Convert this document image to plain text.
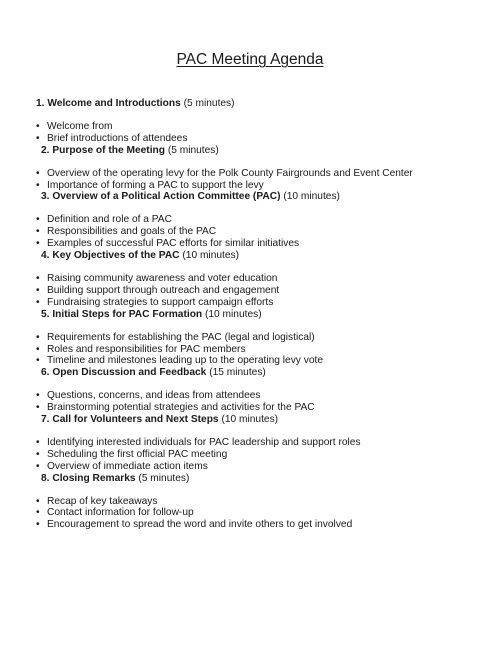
PAC Meeting Agenda
1. Welcome and Introductions (5 minutes)
• Welcome from
• Brief introductions of attendees
2. Purpose of the Meeting (5 minutes)
• Overview of the operating levy for the Polk County Fairgrounds and Event Center
• Importance of forming a PAC to support the levy
3. Overview of a Political Action Committee (PAC) (10 minutes)
• Definition and role of a PAC
• Responsibilities and goals of the PAC
• Examples of successful PAC efforts for similar initiatives
4. Key Objectives of the PAC (10 minutes)
• Raising community awareness and voter education
• Building support through outreach and engagement
• Fundraising strategies to support campaign efforts
5. Initial Steps for PAC Formation (10 minutes)
• Requirements for establishing the PAC (legal and logistical)
• Roles and responsibilities for PAC members
• Timeline and milestones leading up to the operating levy vote
6. Open Discussion and Feedback (15 minutes)
• Questions, concerns, and ideas from attendees
• Brainstorming potential strategies and activities for the PAC
7. Call for Volunteers and Next Steps (10 minutes)
• Identifying interested individuals for PAC leadership and support roles
• Scheduling the first official PAC meeting
• Overview of immediate action items
8. Closing Remarks (5 minutes)
• Recap of key takeaways
• Contact information for follow-up
• Encouragement to spread the word and invite others to get involved
